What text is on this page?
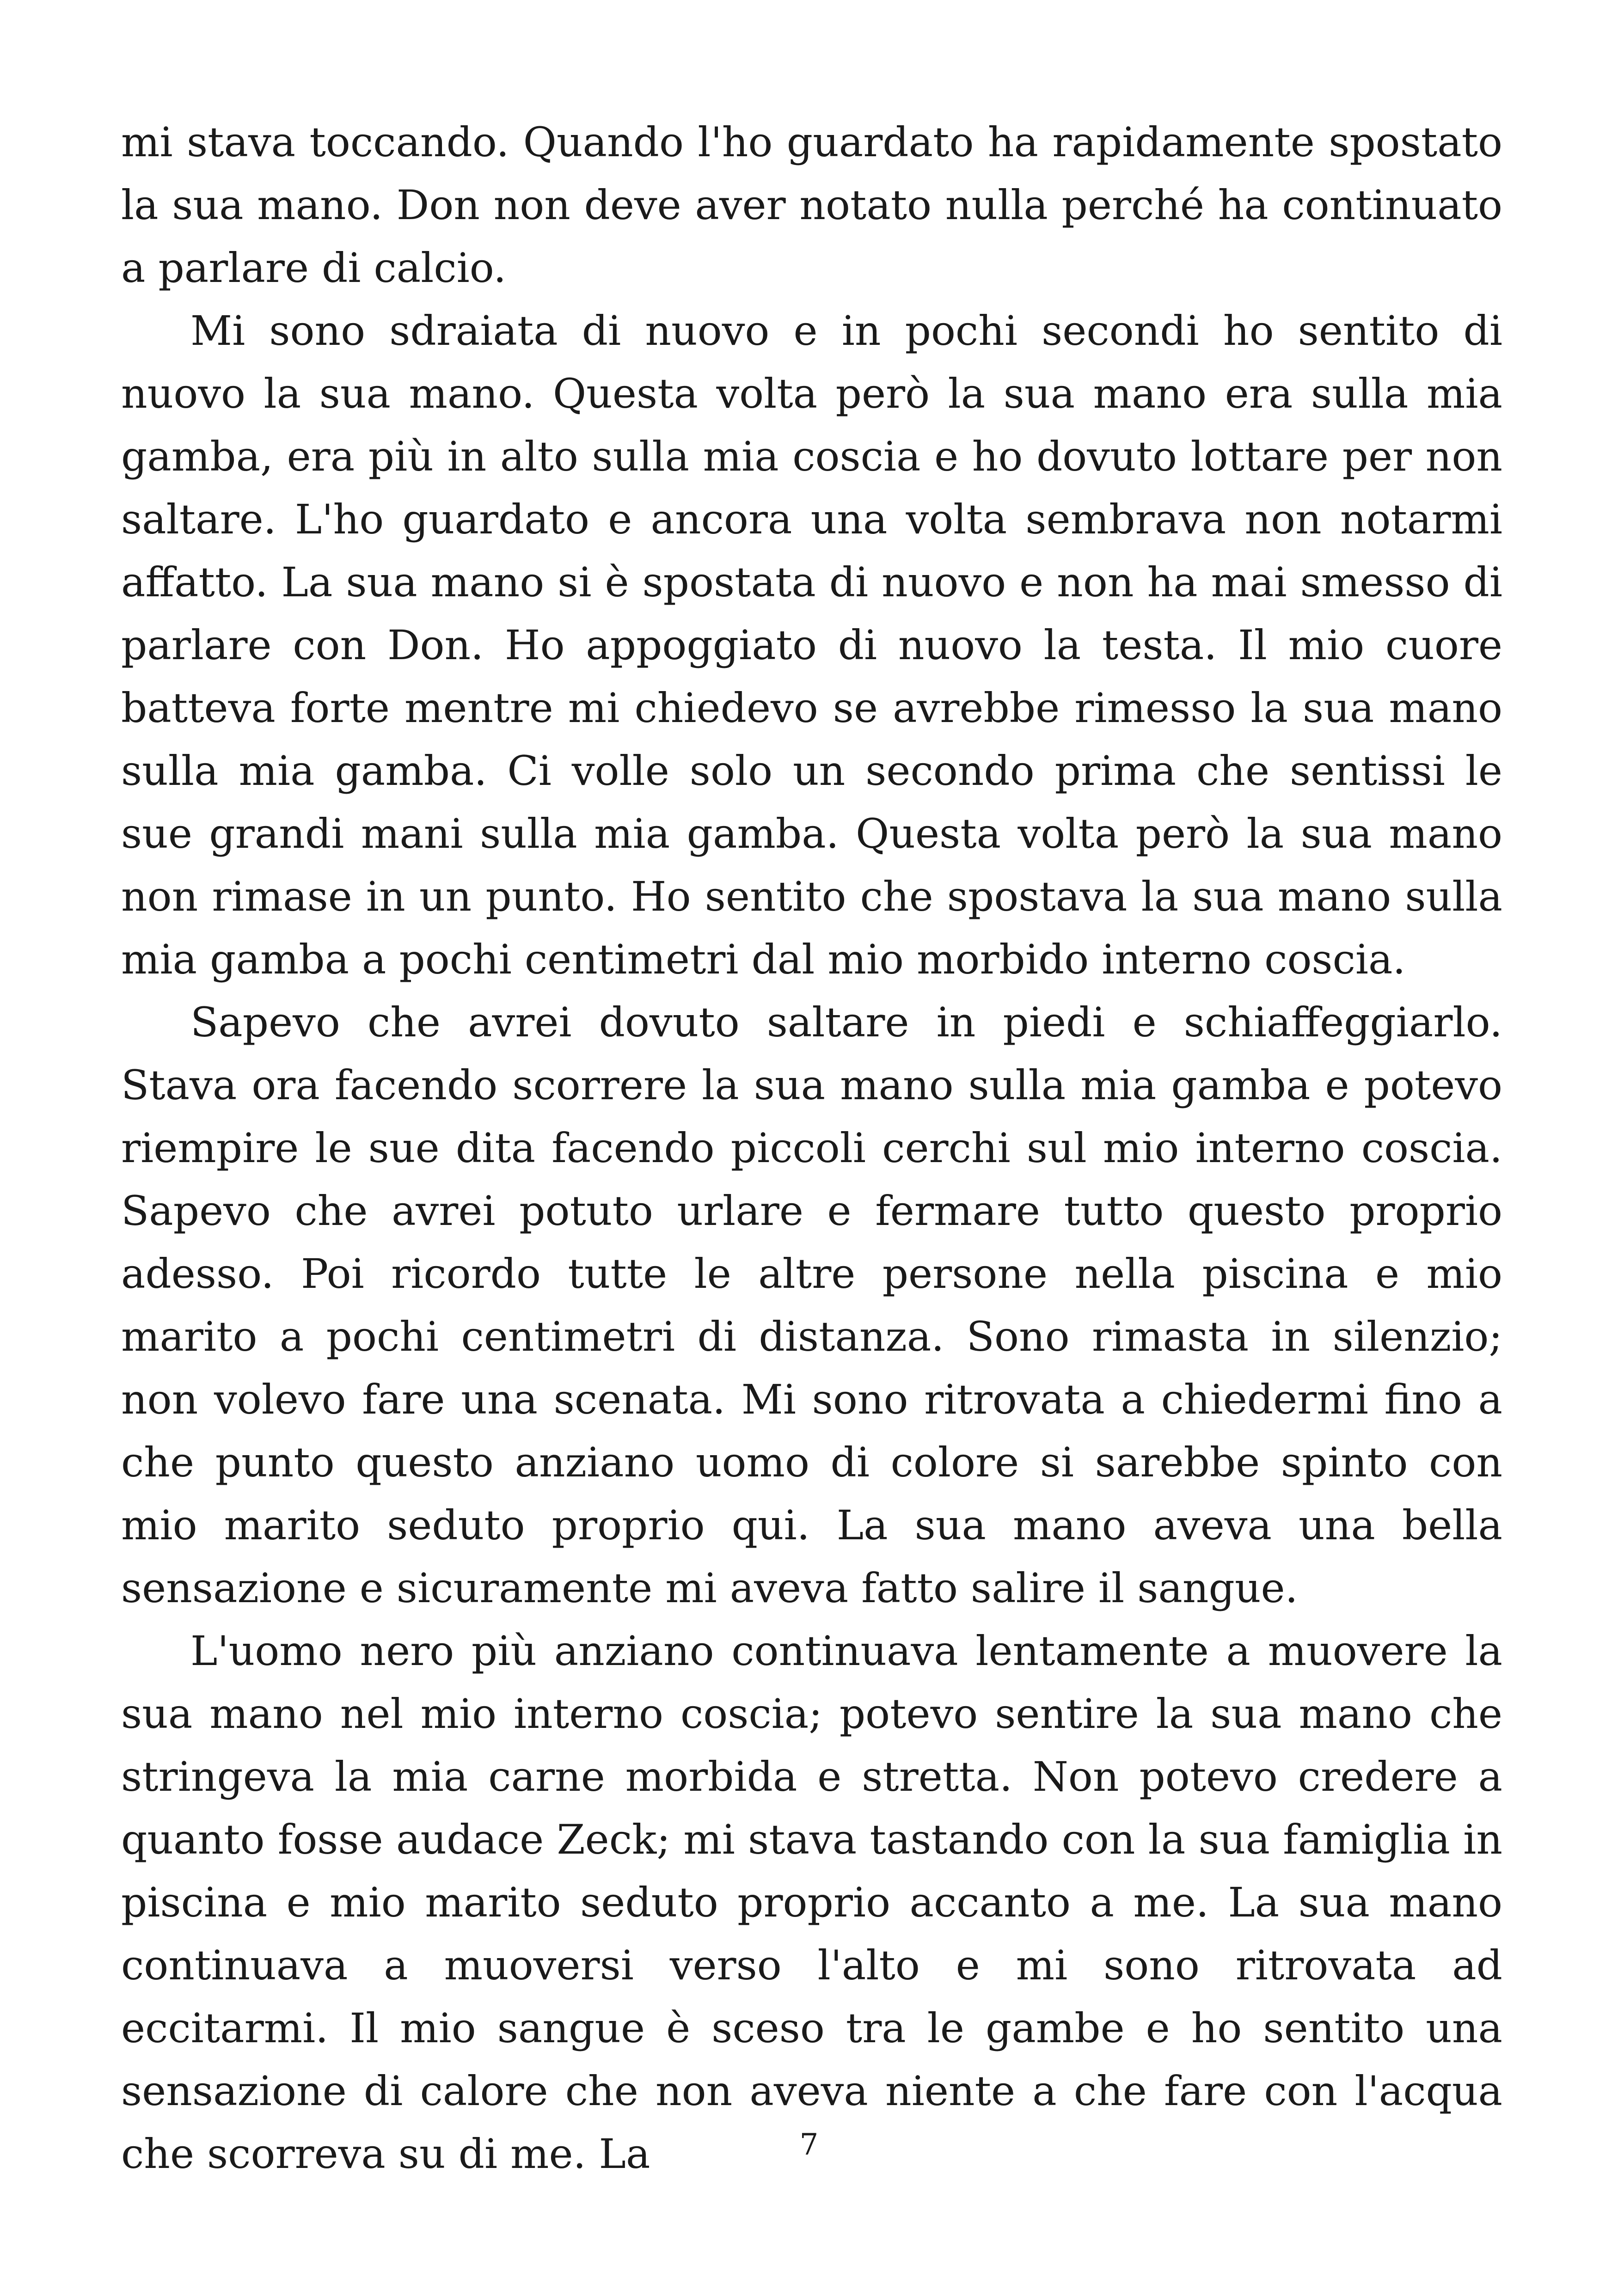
mi stava toccando. Quando l'ho guardato ha rapidamente spostato la sua mano. Don non deve aver notato nulla perché ha continuato a parlare di calcio.

Mi sono sdraiata di nuovo e in pochi secondi ho sentito di nuovo la sua mano. Questa volta però la sua mano era sulla mia gamba, era più in alto sulla mia coscia e ho dovuto lottare per non saltare. L'ho guardato e ancora una volta sembrava non notarmi affatto. La sua mano si è spostata di nuovo e non ha mai smesso di parlare con Don. Ho appoggiato di nuovo la testa. Il mio cuore batteva forte mentre mi chiedevo se avrebbe rimesso la sua mano sulla mia gamba. Ci volle solo un secondo prima che sentissi le sue grandi mani sulla mia gamba. Questa volta però la sua mano non rimase in un punto. Ho sentito che spostava la sua mano sulla mia gamba a pochi centimetri dal mio morbido interno coscia.

Sapevo che avrei dovuto saltare in piedi e schiaffeggiarlo. Stava ora facendo scorrere la sua mano sulla mia gamba e potevo riempire le sue dita facendo piccoli cerchi sul mio interno coscia. Sapevo che avrei potuto urlare e fermare tutto questo proprio adesso. Poi ricordo tutte le altre persone nella piscina e mio marito a pochi centimetri di distanza. Sono rimasta in silenzio; non volevo fare una scenata. Mi sono ritrovata a chiedermi fino a che punto questo anziano uomo di colore si sarebbe spinto con mio marito seduto proprio qui. La sua mano aveva una bella sensazione e sicuramente mi aveva fatto salire il sangue.

L'uomo nero più anziano continuava lentamente a muovere la sua mano nel mio interno coscia; potevo sentire la sua mano che stringeva la mia carne morbida e stretta. Non potevo credere a quanto fosse audace Zeck; mi stava tastando con la sua famiglia in piscina e mio marito seduto proprio accanto a me. La sua mano continuava a muoversi verso l'alto e mi sono ritrovata ad eccitarmi. Il mio sangue è sceso tra le gambe e ho sentito una sensazione di calore che non aveva niente a che fare con l'acqua che scorreva su di me. La	7
